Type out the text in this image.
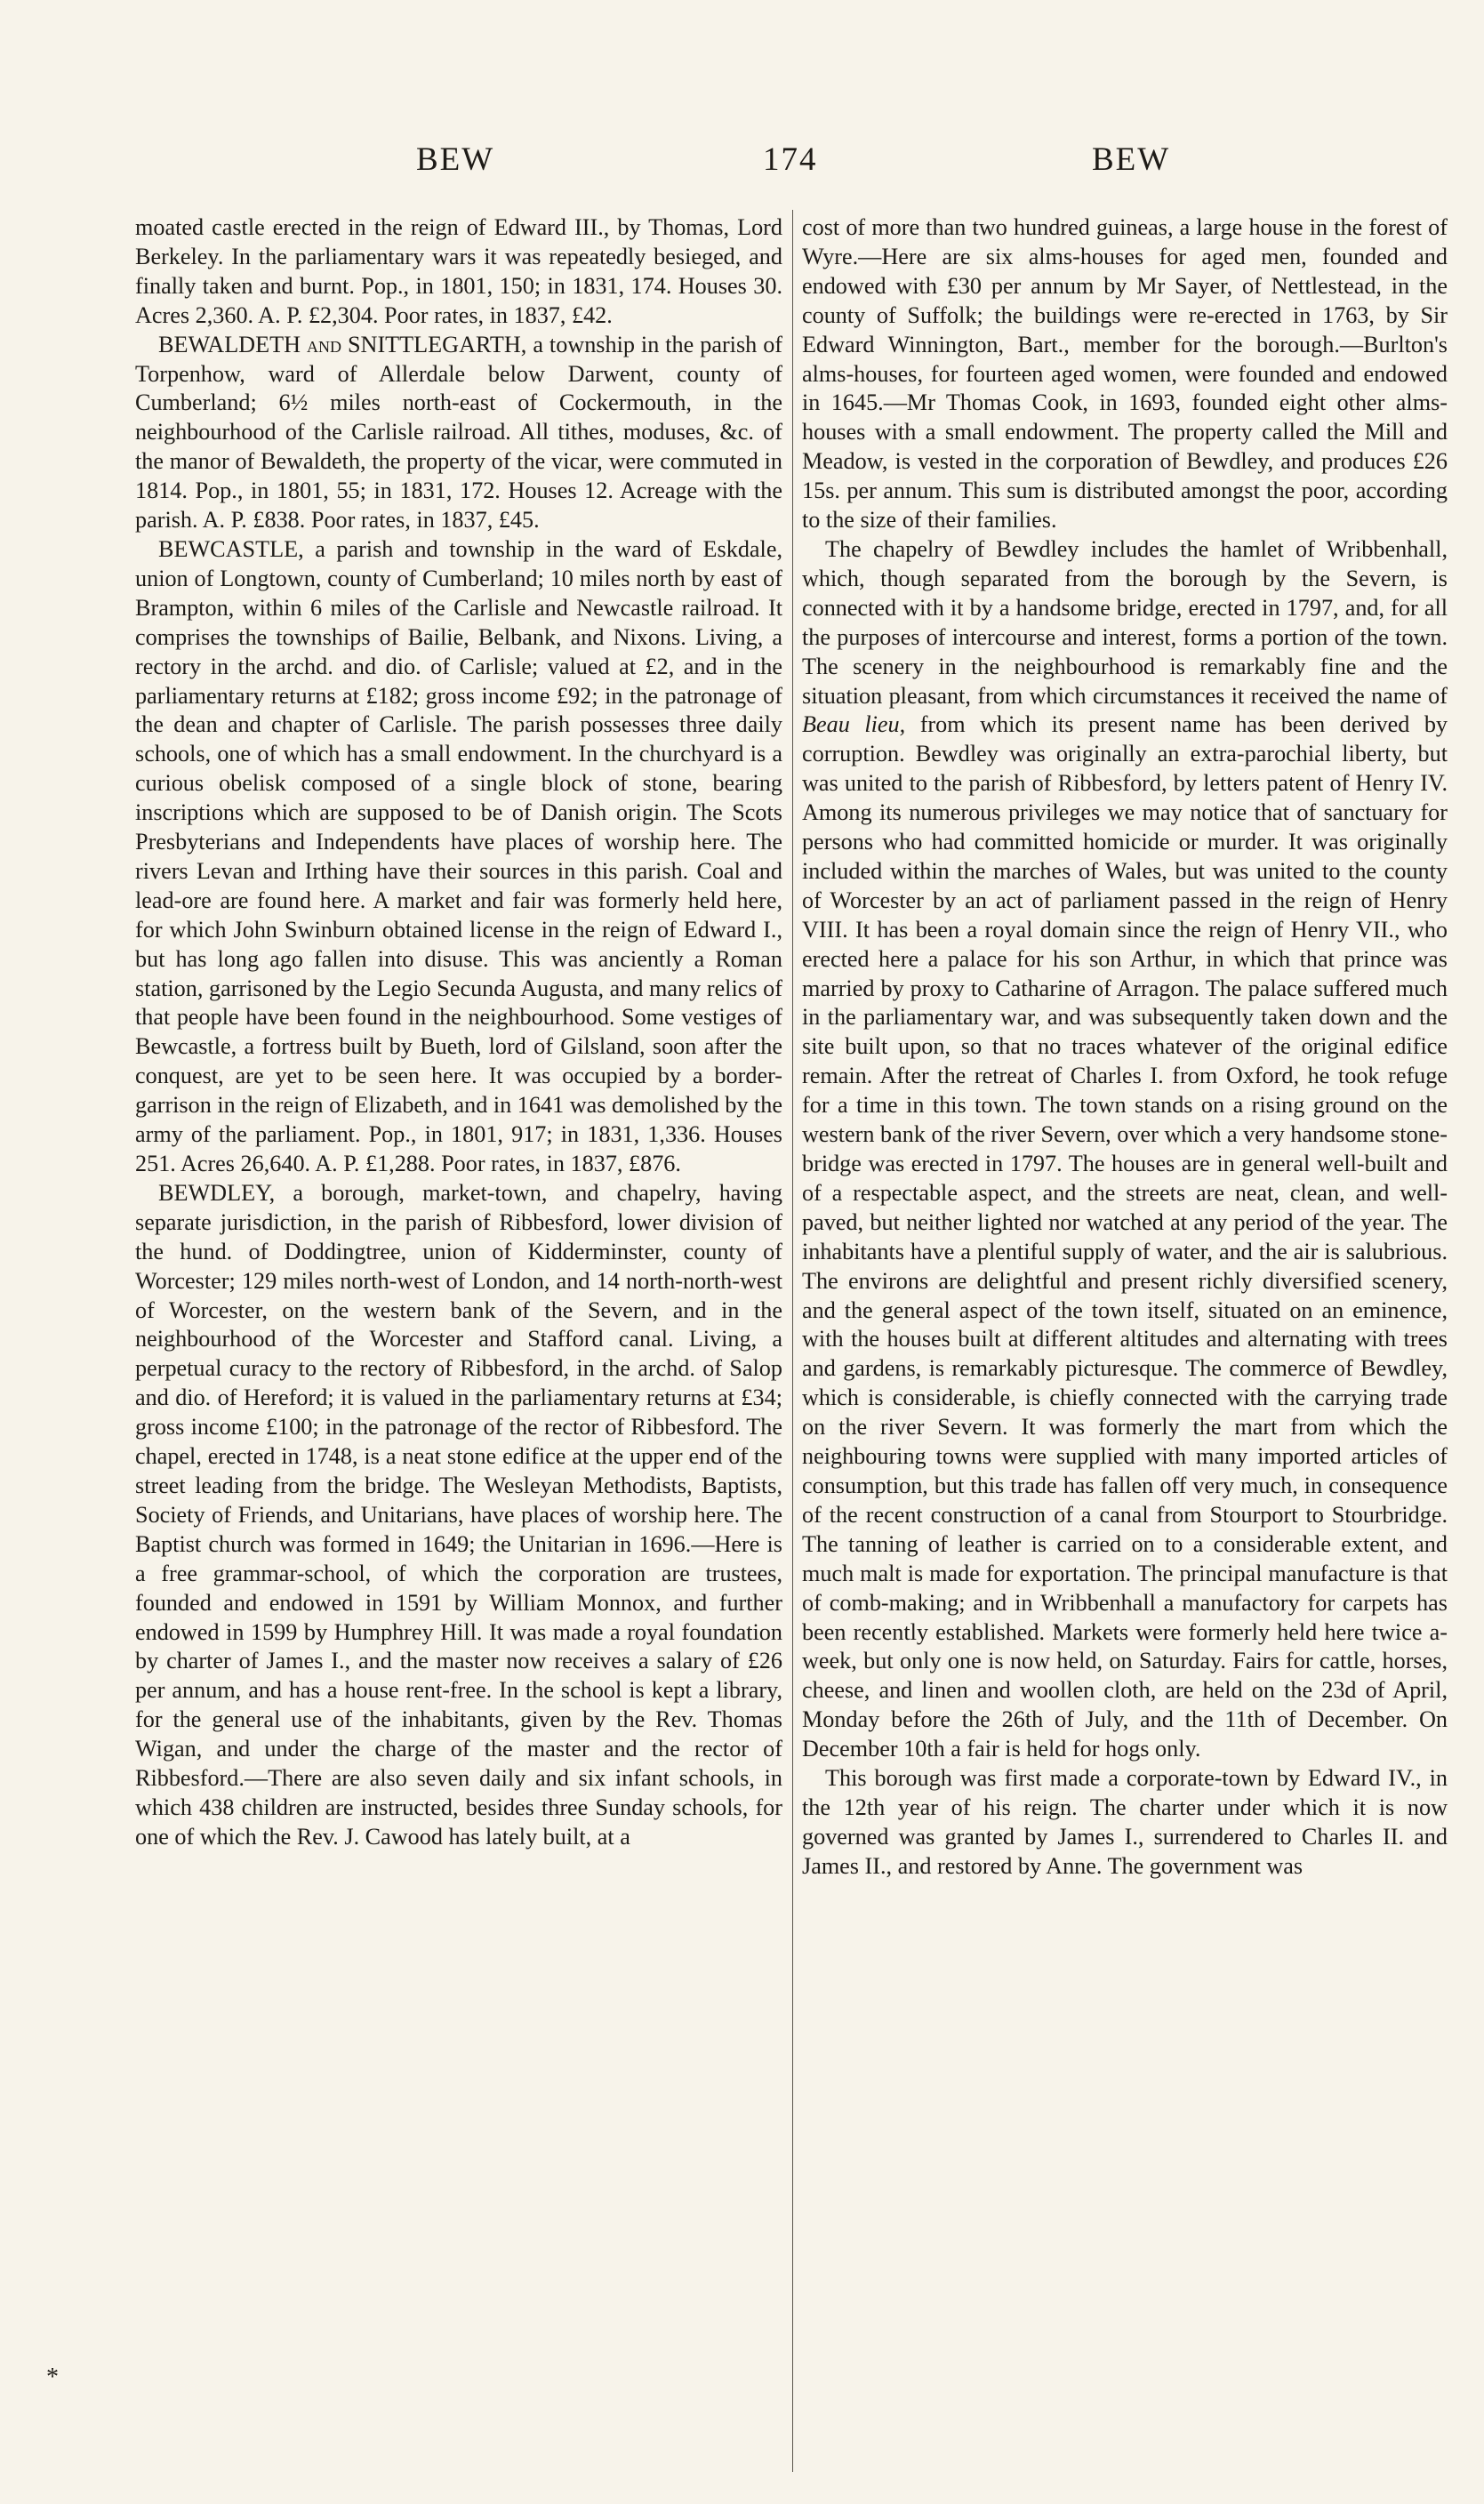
BEW	174	BEW

moated castle erected in the reign of Edward III., by Thomas, Lord Berkeley. In the parliamentary wars it was repeatedly besieged, and finally taken and burnt. Pop., in 1801, 150; in 1831, 174. Houses 30. Acres 2,360. A. P. £2,304. Poor rates, in 1837, £42.

BEWALDETH and SNITTLEGARTH, a township in the parish of Torpenhow, ward of Allerdale below Darwent, county of Cumberland; 6½ miles north-east of Cockermouth, in the neighbourhood of the Carlisle railroad. All tithes, moduses, &c. of the manor of Bewaldeth, the property of the vicar, were commuted in 1814. Pop., in 1801, 55; in 1831, 172. Houses 12. Acreage with the parish. A. P. £838. Poor rates, in 1837, £45.

BEWCASTLE, a parish and township in the ward of Eskdale, union of Longtown, county of Cumberland; 10 miles north by east of Brampton, within 6 miles of the Carlisle and Newcastle railroad. It comprises the townships of Bailie, Belbank, and Nixons. Living, a rectory in the archd. and dio. of Carlisle; valued at £2, and in the parliamentary returns at £182; gross income £92; in the patronage of the dean and chapter of Carlisle. The parish possesses three daily schools, one of which has a small endowment. In the churchyard is a curious obelisk composed of a single block of stone, bearing inscriptions which are supposed to be of Danish origin. The Scots Presbyterians and Independents have places of worship here. The rivers Levan and Irthing have their sources in this parish. Coal and lead-ore are found here. A market and fair was formerly held here, for which John Swinburn obtained license in the reign of Edward I., but has long ago fallen into disuse. This was anciently a Roman station, garrisoned by the Legio Secunda Augusta, and many relics of that people have been found in the neighbourhood. Some vestiges of Bewcastle, a fortress built by Bueth, lord of Gilsland, soon after the conquest, are yet to be seen here. It was occupied by a border-garrison in the reign of Elizabeth, and in 1641 was demolished by the army of the parliament. Pop., in 1801, 917; in 1831, 1,336. Houses 251. Acres 26,640. A. P. £1,288. Poor rates, in 1837, £876.

BEWDLEY, a borough, market-town, and chapelry, having separate jurisdiction, in the parish of Ribbesford, lower division of the hund. of Doddingtree, union of Kidderminster, county of Worcester; 129 miles north-west of London, and 14 north-north-west of Worcester, on the western bank of the Severn, and in the neighbourhood of the Worcester and Stafford canal. Living, a perpetual curacy to the rectory of Ribbesford, in the archd. of Salop and dio. of Hereford; it is valued in the parliamentary returns at £34; gross income £100; in the patronage of the rector of Ribbesford. The chapel, erected in 1748, is a neat stone edifice at the upper end of the street leading from the bridge. The Wesleyan Methodists, Baptists, Society of Friends, and Unitarians, have places of worship here. The Baptist church was formed in 1649; the Unitarian in 1696.—Here is a free grammar-school, of which the corporation are trustees, founded and endowed in 1591 by William Monnox, and further endowed in 1599 by Humphrey Hill. It was made a royal foundation by charter of James I., and the master now receives a salary of £26 per annum, and has a house rent-free. In the school is kept a library, for the general use of the inhabitants, given by the Rev. Thomas Wigan, and under the charge of the master and the rector of Ribbesford.—There are also seven daily and six infant schools, in which 438 children are instructed, besides three Sunday schools, for one of which the Rev. J. Cawood has lately built, at a

cost of more than two hundred guineas, a large house in the forest of Wyre.—Here are six alms-houses for aged men, founded and endowed with £30 per annum by Mr Sayer, of Nettlestead, in the county of Suffolk; the buildings were re-erected in 1763, by Sir Edward Winnington, Bart., member for the borough.—Burlton's alms-houses, for fourteen aged women, were founded and endowed in 1645.—Mr Thomas Cook, in 1693, founded eight other alms-houses with a small endowment. The property called the Mill and Meadow, is vested in the corporation of Bewdley, and produces £26 15s. per annum. This sum is distributed amongst the poor, according to the size of their families.

The chapelry of Bewdley includes the hamlet of Wribbenhall, which, though separated from the borough by the Severn, is connected with it by a handsome bridge, erected in 1797, and, for all the purposes of intercourse and interest, forms a portion of the town. The scenery in the neighbourhood is remarkably fine and the situation pleasant, from which circumstances it received the name of Beau lieu, from which its present name has been derived by corruption. Bewdley was originally an extra-parochial liberty, but was united to the parish of Ribbesford, by letters patent of Henry IV. Among its numerous privileges we may notice that of sanctuary for persons who had committed homicide or murder. It was originally included within the marches of Wales, but was united to the county of Worcester by an act of parliament passed in the reign of Henry VIII. It has been a royal domain since the reign of Henry VII., who erected here a palace for his son Arthur, in which that prince was married by proxy to Catharine of Arragon. The palace suffered much in the parliamentary war, and was subsequently taken down and the site built upon, so that no traces whatever of the original edifice remain. After the retreat of Charles I. from Oxford, he took refuge for a time in this town. The town stands on a rising ground on the western bank of the river Severn, over which a very handsome stone-bridge was erected in 1797. The houses are in general well-built and of a respectable aspect, and the streets are neat, clean, and well-paved, but neither lighted nor watched at any period of the year. The inhabitants have a plentiful supply of water, and the air is salubrious. The environs are delightful and present richly diversified scenery, and the general aspect of the town itself, situated on an eminence, with the houses built at different altitudes and alternating with trees and gardens, is remarkably picturesque. The commerce of Bewdley, which is considerable, is chiefly connected with the carrying trade on the river Severn. It was formerly the mart from which the neighbouring towns were supplied with many imported articles of consumption, but this trade has fallen off very much, in consequence of the recent construction of a canal from Stourport to Stourbridge. The tanning of leather is carried on to a considerable extent, and much malt is made for exportation. The principal manufacture is that of comb-making; and in Wribbenhall a manufactory for carpets has been recently established. Markets were formerly held here twice a-week, but only one is now held, on Saturday. Fairs for cattle, horses, cheese, and linen and woollen cloth, are held on the 23d of April, Monday before the 26th of July, and the 11th of December. On December 10th a fair is held for hogs only.

This borough was first made a corporate-town by Edward IV., in the 12th year of his reign. The charter under which it is now governed was granted by James I., surrendered to Charles II. and James II., and restored by Anne. The government was

*
